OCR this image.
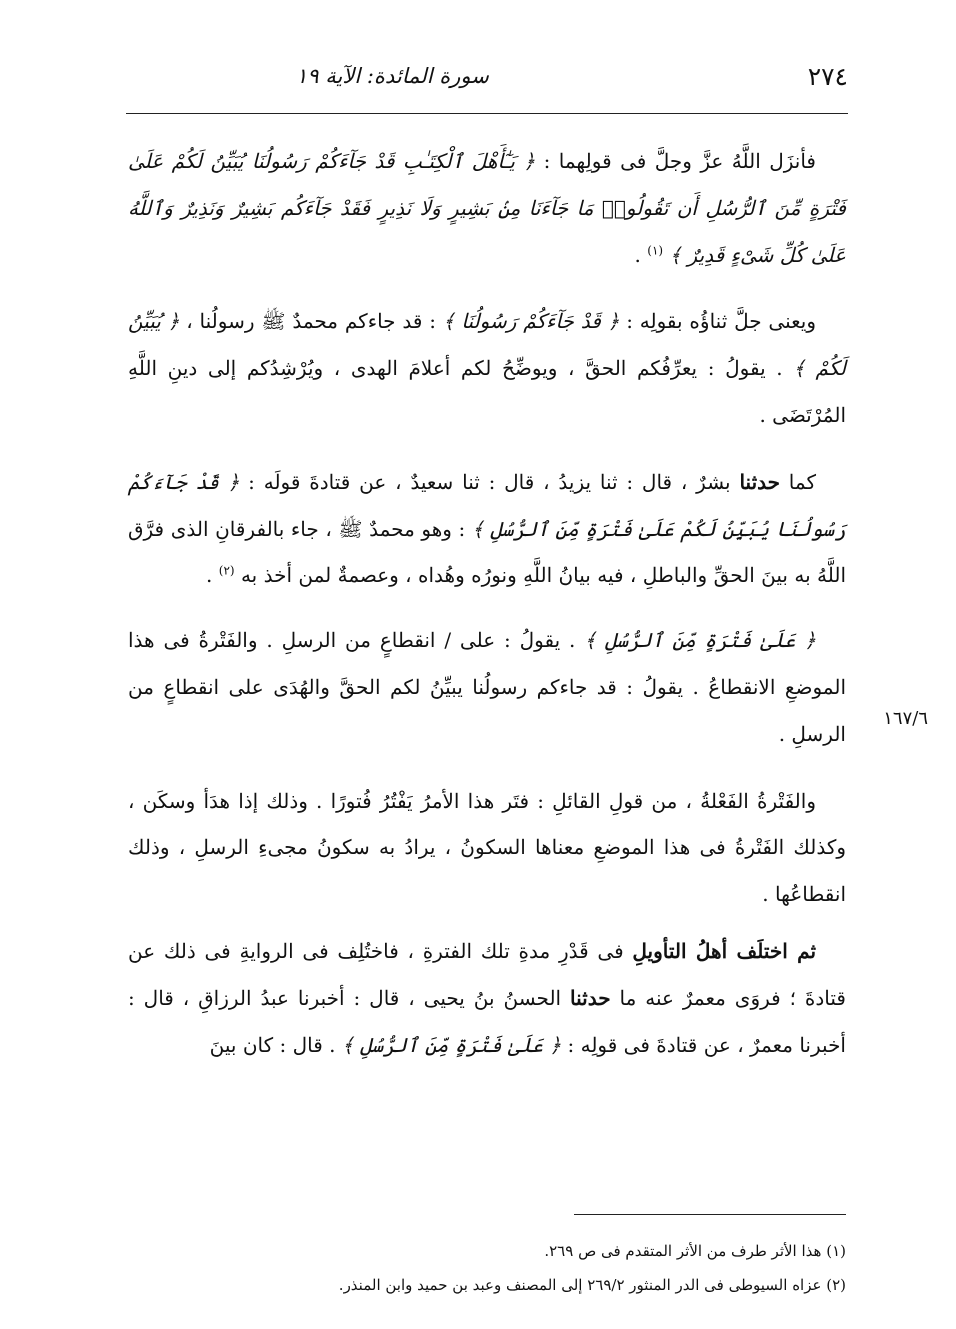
٢٧٤
سورة المائدة: الآية ١٩
١٦٧/٦

فأنزَل اللَّهُ عزَّ وجلَّ فى قولِهما : ﴿ يَـٰٓأَهْلَ ٱلْكِتَـٰبِ قَدْ جَآءَكُمْ رَسُولُنَا يُبَيِّنُ لَكُمْ عَلَىٰ فَتْرَةٍ مِّنَ ٱلرُّسُلِ أَن تَقُولُوا۟ مَا جَآءَنَا مِنۢ بَشِيرٍ وَلَا نَذِيرٍ فَقَدْ جَآءَكُم بَشِيرٌ وَنَذِيرٌ وَٱللَّهُ عَلَىٰ كُلِّ شَىْءٍ قَدِيرٌ ﴾ $^{(١)}$ .

ويعنى جلَّ ثناؤُه بقولِه : ﴿ قَدْ جَآءَكُمْ رَسُولُنَا ﴾ : قد جاءكم محمدٌ ﷺ رسولُنا ، ﴿ يُبَيِّنُ لَكُمْ ﴾ . يقولُ : يعرِّفُكم الحقَّ ، ويوضِّحُ لكم أعلامَ الهدى ، ويُرْشِدُكم إلى دينِ اللَّهِ المُرْتَضَى .

كما حدثنا بشرٌ ، قال : ثنا يزيدُ ، قال : ثنا سعيدٌ ، عن قتادةَ قولَه : ﴿ قَدْ جَآءَكُمْ رَسُولُنَا يُبَيِّنُ لَكُمْ عَلَىٰ فَتْرَةٍ مِّنَ ٱلرُّسُلِ ﴾ : وهو محمدٌ ﷺ ، جاء بالفرقانِ الذى فرَّق اللَّهُ به بينَ الحقِّ والباطلِ ، فيه بيانُ اللَّهِ ونورُه وهُداه ، وعصمةٌ لمن أخذ به $^{(٢)}$ .

﴿ عَلَىٰ فَتْرَةٍ مِّنَ ٱلرُّسُلِ ﴾ . يقولُ : على / انقطاعٍ من الرسلِ . والفَتْرةُ فى هذا الموضعِ الانقطاعُ . يقولُ : قد جاءكم رسولُنا يبيِّنُ لكم الحقَّ والهُدَى على انقطاعٍ من الرسلِ .

والفَتْرةُ الفَعْلةُ ، من قولِ القائلِ : فتَر هذا الأمرُ يَفْتُرُ فُتورًا . وذلك إذا هدَأ وسكَن ، وكذلك الفَتْرةُ فى هذا الموضعِ معناها السكونُ ، يرادُ به سكونُ مجىءِ الرسلِ ، وذلك انقطاعُها .

ثم اختلَف أهلُ التأويلِ فى قَدْرِ مدةِ تلك الفترةِ ، فاختُلِف فى الروايةِ فى ذلك عن قتادةَ ؛ فروَى معمرٌ عنه ما حدثنا الحسنُ بنُ يحيى ، قال : أخبرنا عبدُ الرزاقِ ، قال : أخبرنا معمرٌ ، عن قتادةَ فى قولِه : ﴿ عَلَىٰ فَتْرَةٍ مِّنَ ٱلرُّسُلِ ﴾ . قال : كان بينَ

(١) هذا الأثر طرف من الأثر المتقدم فى ص ٢٦٩.
(٢) عزاه السيوطى فى الدر المنثور ٢٦٩/٢ إلى المصنف وعبد بن حميد وابن المنذر.
